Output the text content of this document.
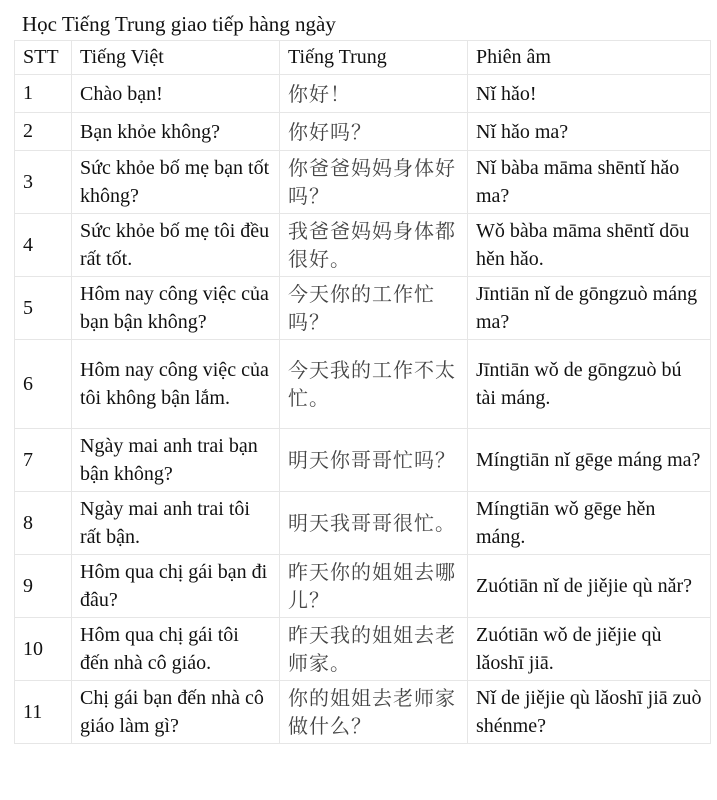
Học Tiếng Trung giao tiếp hàng ngày
STT	Tiếng Việt	Tiếng Trung	Phiên âm
1	Chào bạn!	你好！	Nǐ hǎo!
2	Bạn khỏe không?	你好吗？	Nǐ hǎo ma?
3	Sức khỏe bố mẹ bạn tốt không?	你爸爸妈妈身体好吗？	Nǐ bàba māma shēntǐ hǎo ma?
4	Sức khỏe bố mẹ tôi đều rất tốt.	我爸爸妈妈身体都很好。	Wǒ bàba māma shēntǐ dōu hěn hǎo.
5	Hôm nay công việc của bạn bận không?	今天你的工作忙吗？	Jīntiān nǐ de gōngzuò máng ma?
6	Hôm nay công việc của tôi không bận lắm.	今天我的工作不太忙。	Jīntiān wǒ de gōngzuò bú tài máng.
7	Ngày mai anh trai bạn bận không?	明天你哥哥忙吗？	Míngtiān nǐ gēge máng ma?
8	Ngày mai anh trai tôi rất bận.	明天我哥哥很忙。	Míngtiān wǒ gēge hěn máng.
9	Hôm qua chị gái bạn đi đâu?	昨天你的姐姐去哪儿？	Zuótiān nǐ de jiějie qù nǎr?
10	Hôm qua chị gái tôi đến nhà cô giáo.	昨天我的姐姐去老师家。	Zuótiān wǒ de jiějie qù lǎoshī jiā.
11	Chị gái bạn đến nhà cô giáo làm gì?	你的姐姐去老师家做什么？	Nǐ de jiějie qù lǎoshī jiā zuò shénme?
